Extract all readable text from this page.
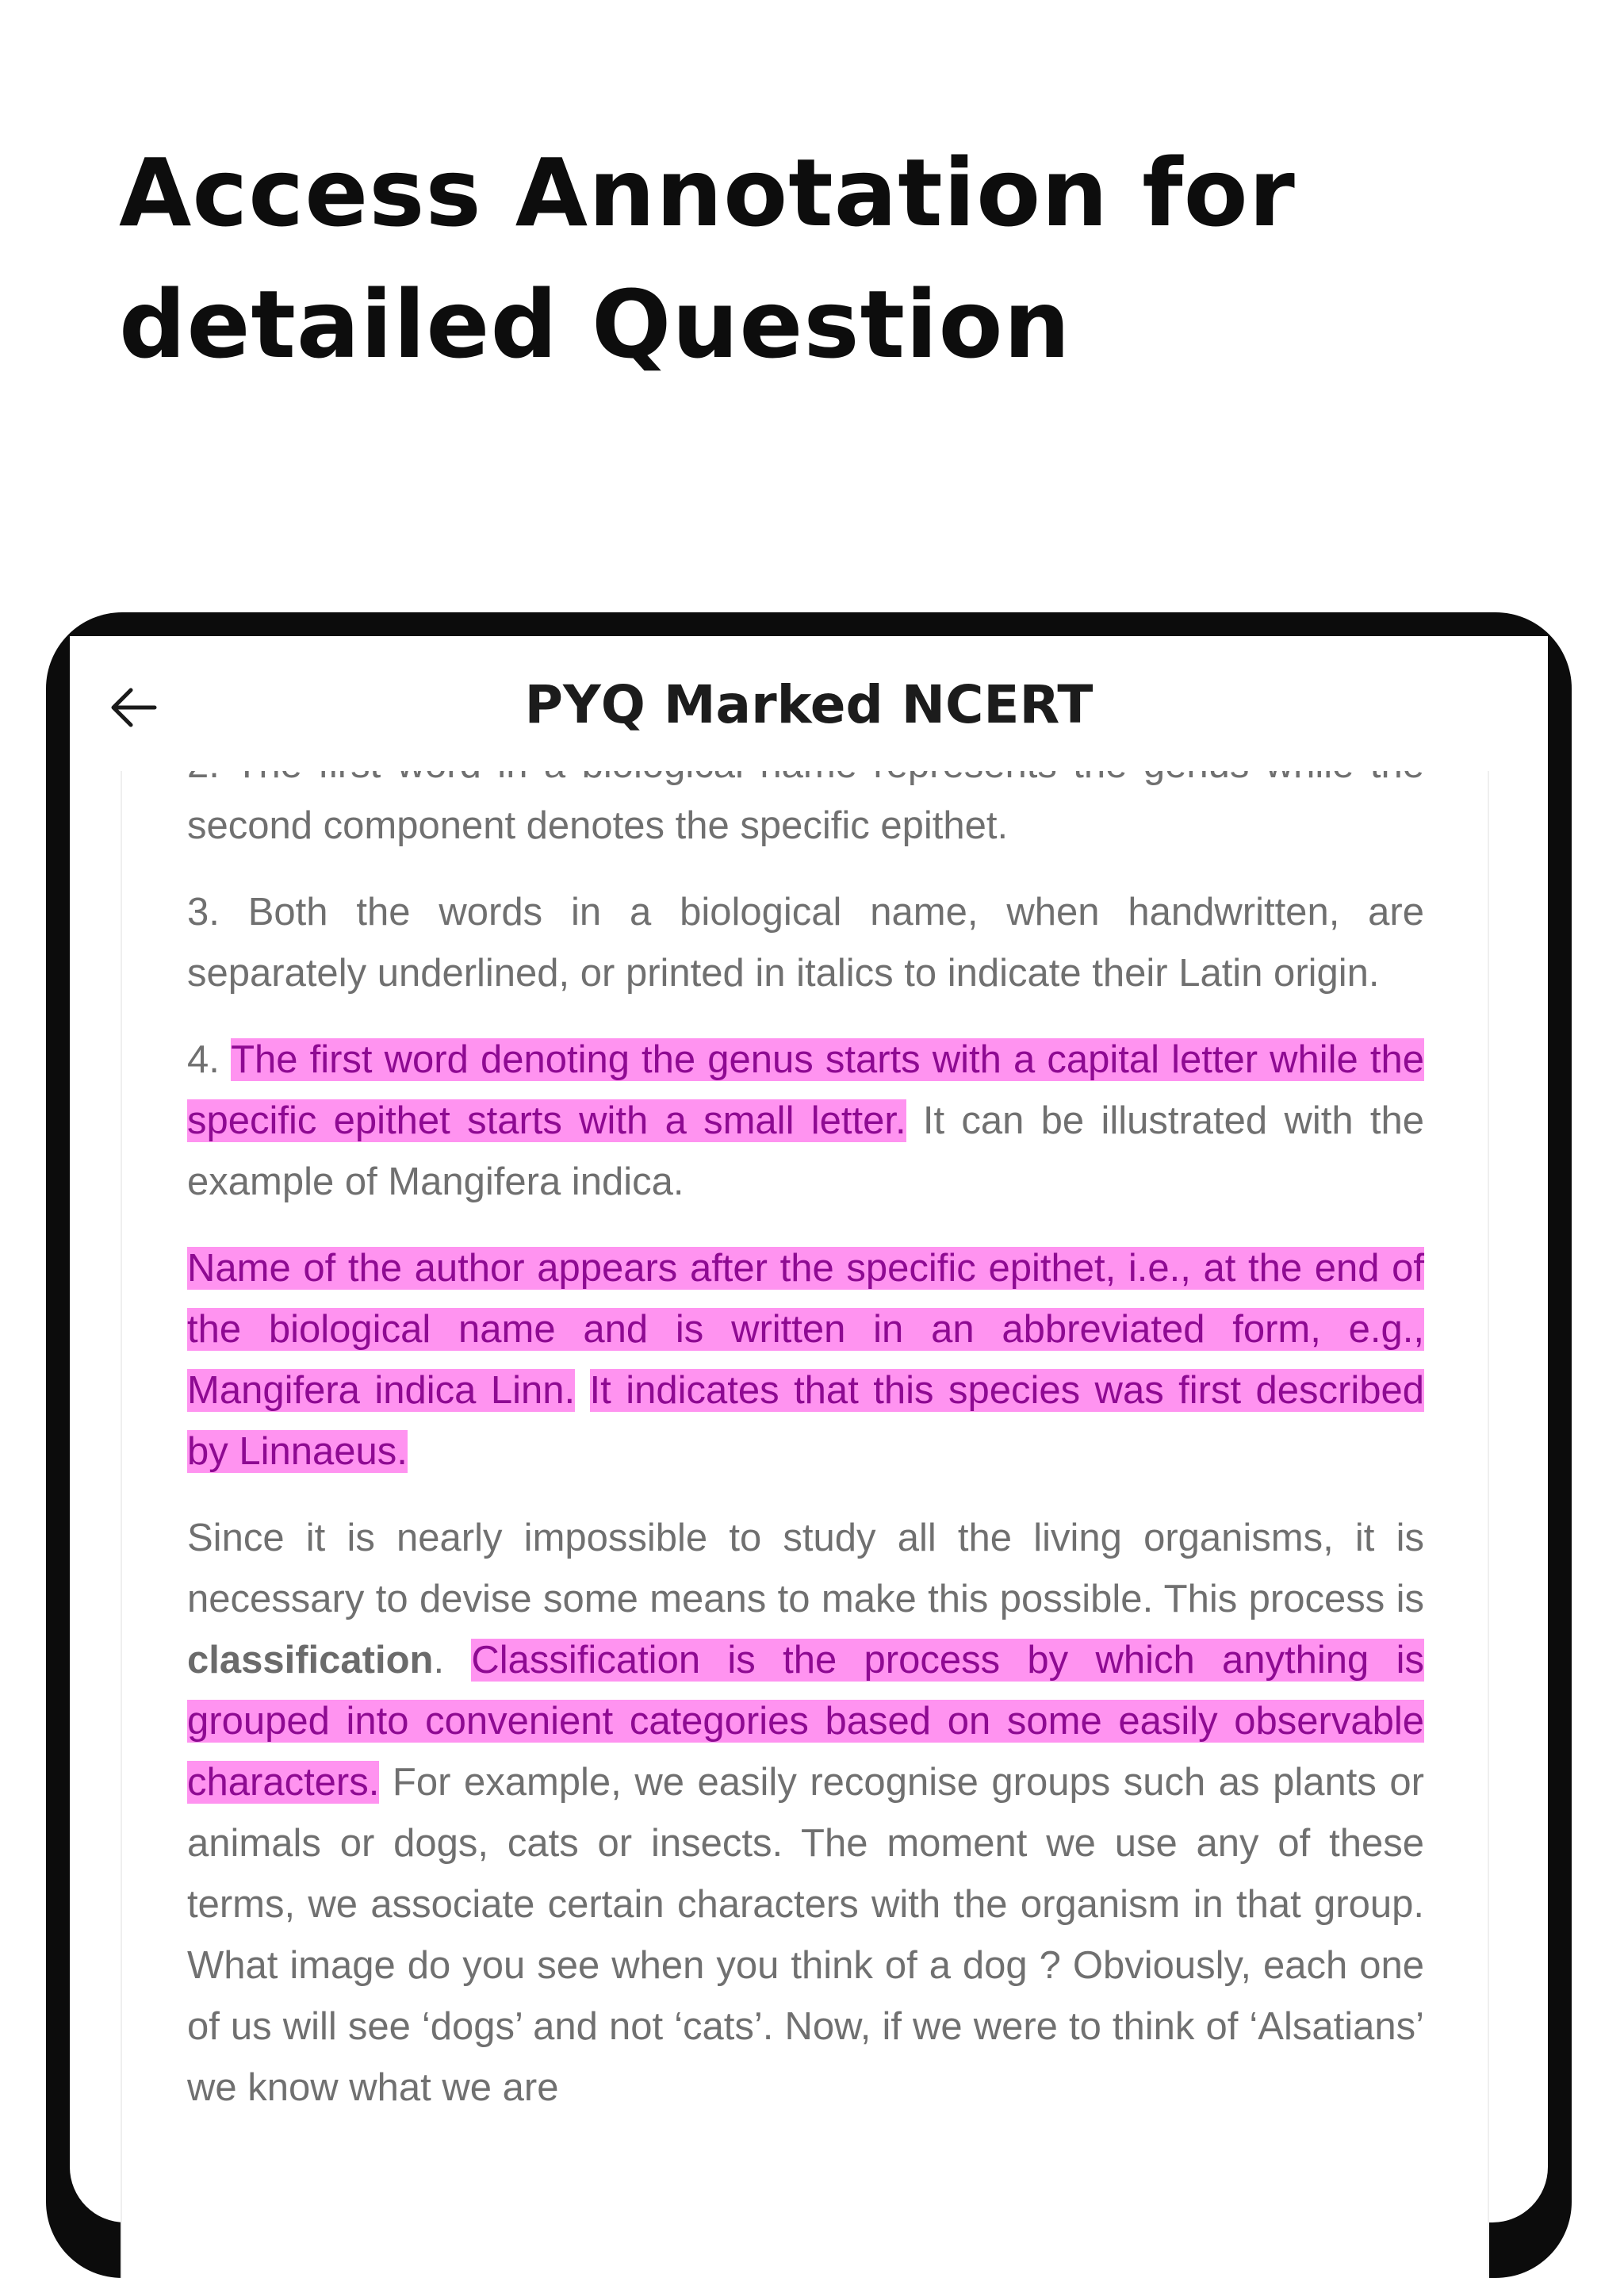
Access Annotation for detailed Question
PYQ Marked NCERT

second component denotes the specific epithet.

3. Both the words in a biological name, when handwritten, are separately underlined, or printed in italics to indicate their Latin origin.

4. The first word denoting the genus starts with a capital letter while the specific epithet starts with a small letter. It can be illustrated with the example of Mangifera indica.

Name of the author appears after the specific epithet, i.e., at the end of the biological name and is written in an abbreviated form, e.g., Mangifera indica Linn. It indicates that this species was first described by Linnaeus.

Since it is nearly impossible to study all the living organisms, it is necessary to devise some means to make this possible. This process is classification. Classification is the process by which anything is grouped into convenient categories based on some easily observable characters. For example, we easily recognise groups such as plants or animals or dogs, cats or insects. The moment we use any of these terms, we associate certain characters with the organism in that group. What image do you see when you think of a dog ? Obviously, each one of us will see ‘dogs’ and not ‘cats’. Now, if we were to think of ‘Alsatians’ we know what we are
